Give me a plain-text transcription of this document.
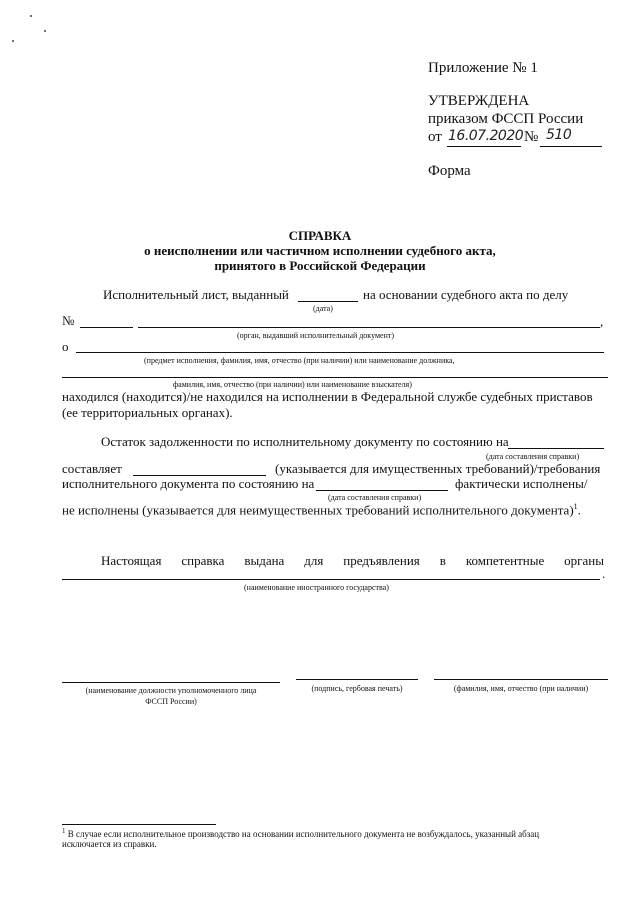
Приложение № 1
УТВЕРЖДЕНА
приказом ФССП России
от 16.07.2020 № 510
Форма
СПРАВКА
о неисполнении или частичном исполнении судебного акта,
принятого в Российской Федерации
Исполнительный лист, выданный	на основании судебного акта по делу
(дата)
№	,
(орган, выдавший исполнительный документ)
о
(предмет исполнения, фамилия, имя, отчество (при наличии) или наименование должника,
фамилия, имя, отчество (при наличии) или наименование взыскателя)
находился (находится)/не находился на исполнении в Федеральной службе судебных приставов
(ее территориальных органах).
Остаток задолженности по исполнительному документу по состоянию на
(дата составления справки)
составляет	(указывается для имущественных требований)/требования
исполнительного документа по состоянию на	фактически исполнены/
(дата составления справки)
не исполнены (указывается для неимущественных требований исполнительного документа)$^1$.
Настоящая справка выдана для предъявления в компетентные органы
.
(наименование иностранного государства)
(наименование должности уполномоченного лица
ФССП России)
(подпись, гербовая печать)	(фамилия, имя, отчество (при наличии)
$^1$ В случае если исполнительное производство на основании исполнительного документа не возбуждалось, указанный абзац
исключается из справки.
